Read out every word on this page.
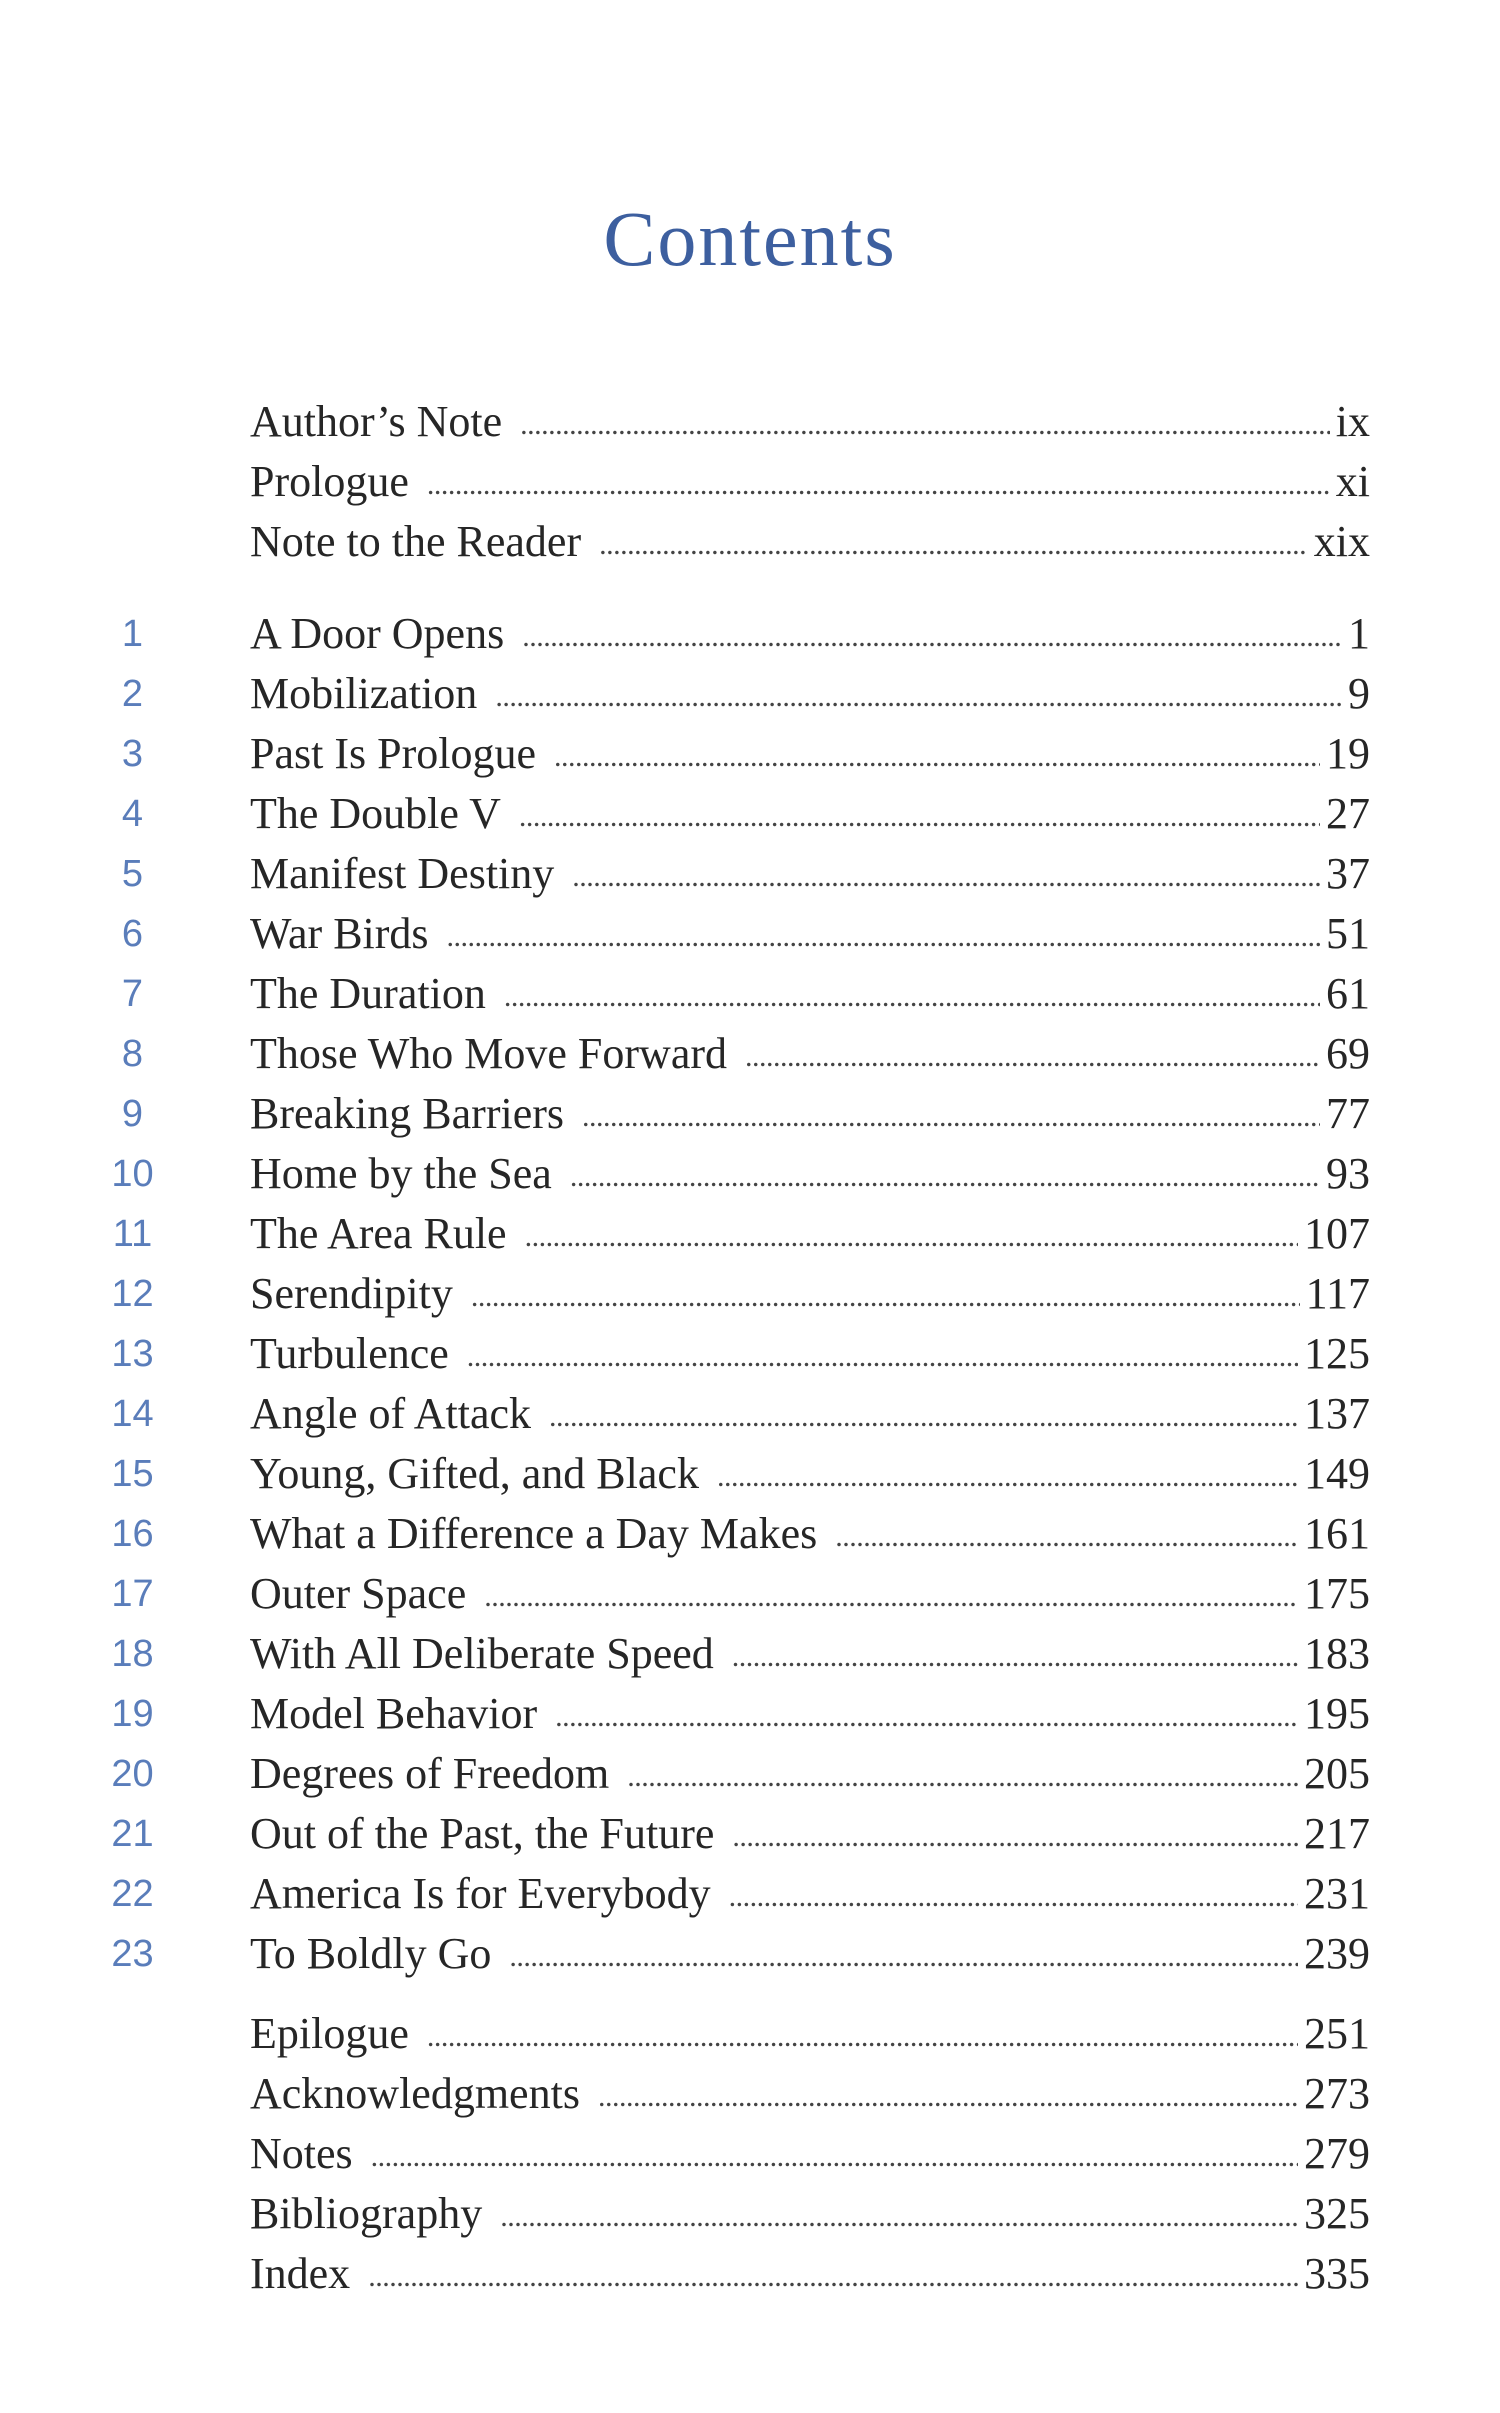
Contents
Author’s Note . . .	ix
Prologue . . .	xi
Note to the Reader . . .	xix
1	A Door Opens . . .	1
2	Mobilization . . .	9
3	Past Is Prologue . . .	19
4	The Double V . . .	27
5	Manifest Destiny . . .	37
6	War Birds . . .	51
7	The Duration . . .	61
8	Those Who Move Forward . . .	69
9	Breaking Barriers . . .	77
10 Home by the Sea . . .	93
11 The Area Rule . . .	107
12 Serendipity . . .	117
13 Turbulence . . .	125
14 Angle of Attack . . .	137
15 Young, Gifted, and Black . . .	149
16 What a Difference a Day Makes . . .	161
17 Outer Space . . .	175
18 With All Deliberate Speed . . .	183
19 Model Behavior . . .	195
20 Degrees of Freedom . . .	205
21 Out of the Past, the Future . . .	217
22 America Is for Everybody . . .	231
23 To Boldly Go . . .	239
Epilogue . . .	251
Acknowledgments . . .	273
Notes . . .	279
Bibliography . . .	325
Index . . .	335
